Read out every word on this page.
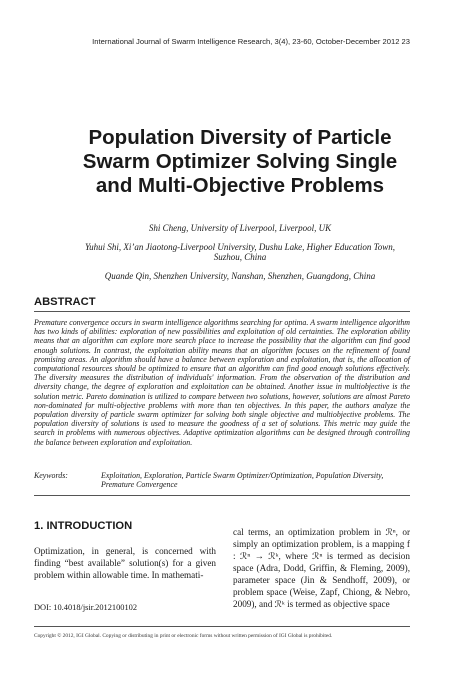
International Journal of Swarm Intelligence Research, 3(4), 23-60, October-December 2012 23
Population Diversity of Particle
Swarm Optimizer Solving Single
and Multi-Objective Problems
Shi Cheng, University of Liverpool, Liverpool, UK
Yuhui Shi, Xi’an Jiaotong-Liverpool University, Dushu Lake, Higher Education Town,
Suzhou, China
Quande Qin, Shenzhen University, Nanshan, Shenzhen, Guangdong, China
ABSTRACT
Premature convergence occurs in swarm intelligence algorithms searching for optima. A swarm intelligence algorithm has two kinds of abilities: exploration of new possibilities and exploitation of old certainties. The exploration ability means that an algorithm can explore more search place to increase the possibility that the algorithm can find good enough solutions. In contrast, the exploitation ability means that an algorithm focuses on the refinement of found promising areas. An algorithm should have a balance between exploration and exploitation, that is, the allocation of computational resources should be optimized to ensure that an algorithm can find good enough solutions effectively. The diversity measures the distribution of individuals' information. From the observation of the distribution and diversity change, the degree of exploration and exploitation can be obtained. Another issue in multiobjective is the solution metric. Pareto domination is utilized to compare between two solutions, however, solutions are almost Pareto non-dominated for multi-objective problems with more than ten objectives. In this paper, the authors analyze the population diversity of particle swarm optimizer for solving both single objective and multiobjective problems. The population diversity of solutions is used to measure the goodness of a set of solutions. This metric may guide the search in problems with numerous objectives. Adaptive optimization algorithms can be designed through controlling the balance between exploration and exploitation.
Keywords:	Exploitation, Exploration, Particle Swarm Optimizer/Optimization, Population Diversity, Premature Convergence
1. INTRODUCTION
Optimization, in general, is concerned with finding “best available” solution(s) for a given problem within allowable time. In mathemati-
cal terms, an optimization problem in ℛⁿ, or simply an optimization problem, is a mapping f : ℛⁿ → ℛᵏ, where ℛⁿ is termed as decision space (Adra, Dodd, Griffin, & Fleming, 2009), parameter space (Jin & Sendhoff, 2009), or problem space (Weise, Zapf, Chiong, & Nebro, 2009), and ℛᵏ is termed as objective space
DOI: 10.4018/jsir.2012100102
Copyright © 2012, IGI Global. Copying or distributing in print or electronic forms without written permission of IGI Global is prohibited.
